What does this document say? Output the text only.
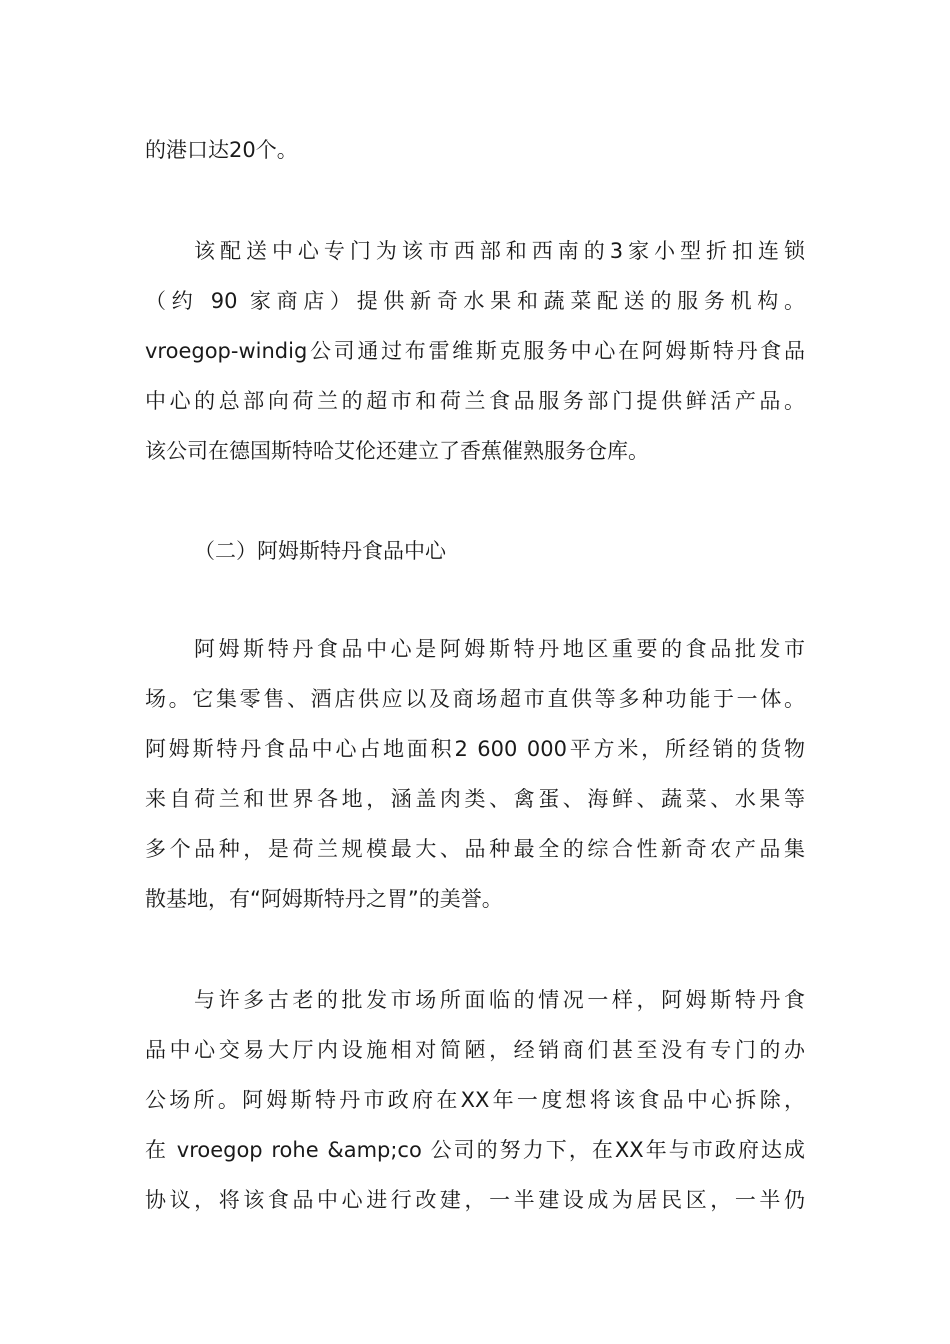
的港口达20个。
该配送中心专门为该市西部和西南的3家小型折扣连锁
（约 90 家商店）提供新奇水果和蔬菜配送的服务机构。
vroegop-windig公司通过布雷维斯克服务中心在阿姆斯特丹食品
中心的总部向荷兰的超市和荷兰食品服务部门提供鲜活产品。
该公司在德国斯特哈艾伦还建立了香蕉催熟服务仓库。
（二）阿姆斯特丹食品中心
阿姆斯特丹食品中心是阿姆斯特丹地区重要的食品批发市
场。它集零售、酒店供应以及商场超市直供等多种功能于一体。
阿姆斯特丹食品中心占地面积2 600 000平方米，所经销的货物
来自荷兰和世界各地，涵盖肉类、禽蛋、海鲜、蔬菜、水果等
多个品种，是荷兰规模最大、品种最全的综合性新奇农产品集
散基地，有“阿姆斯特丹之胃”的美誉。
与许多古老的批发市场所面临的情况一样，阿姆斯特丹食
品中心交易大厅内设施相对简陋，经销商们甚至没有专门的办
公场所。阿姆斯特丹市政府在XX年一度想将该食品中心拆除，
在 vroegop rohe &amp;co 公司的努力下，在XX年与市政府达成
协议，将该食品中心进行改建，一半建设成为居民区，一半仍
